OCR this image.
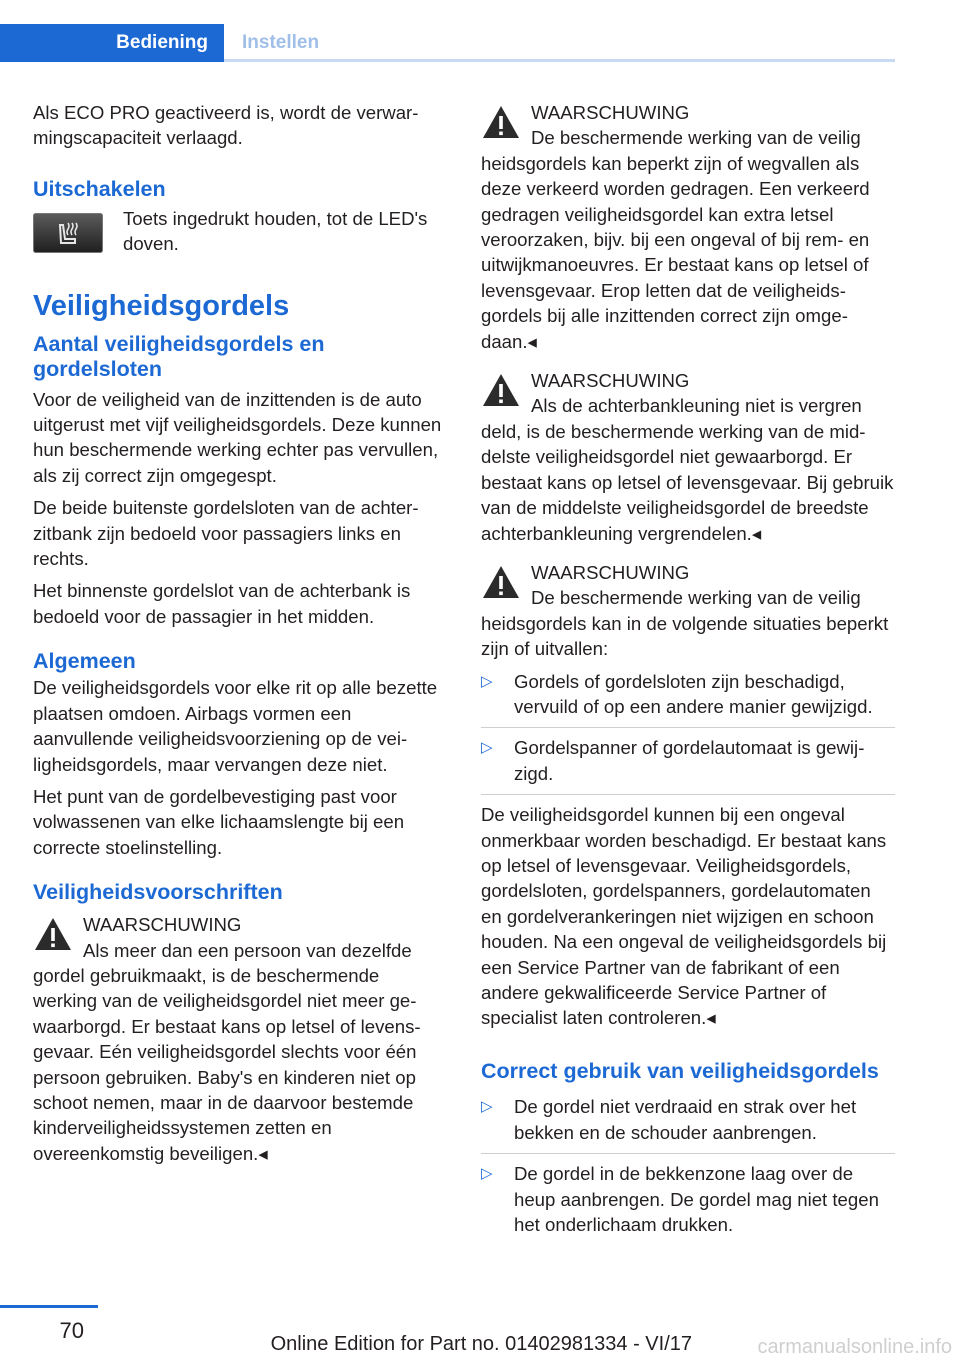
Bediening	Instellen

Als ECO PRO geactiveerd is, wordt de verwarmingscapaciteit verlaagd.

Uitschakelen

Toets ingedrukt houden, tot de LED's doven.

Veiligheidsgordels
Aantal veiligheidsgordels en gordelsloten

Voor de veiligheid van de inzittenden is de auto uitgerust met vijf veiligheidsgordels. Deze kunnen hun beschermende werking echter pas vervullen, als zij correct zijn omgegespt.

De beide buitenste gordelsloten van de achterzitbank zijn bedoeld voor passagiers links en rechts.

Het binnenste gordelslot van de achterbank is bedoeld voor de passagier in het midden.

Algemeen

De veiligheidsgordels voor elke rit op alle bezette plaatsen omdoen. Airbags vormen een aanvullende veiligheidsvoorziening op de veiligheidsgordels, maar vervangen deze niet.

Het punt van de gordelbevestiging past voor volwassenen van elke lichaamslengte bij een correcte stoelinstelling.

Veiligheidsvoorschriften
WAARSCHUWING
Als meer dan een persoon van dezelfde
gordel gebruikmaakt, is de beschermende werking van de veiligheidsgordel niet meer gewaarborgd. Er bestaat kans op letsel of levensgevaar. Eén veiligheidsgordel slechts voor één persoon gebruiken. Baby's en kinderen niet op schoot nemen, maar in de daarvoor bestemde kinderveiligheidssystemen zetten en overeenkomstig beveiligen.◂
WAARSCHUWING
De beschermende werking van de veilig
heidsgordels kan beperkt zijn of wegvallen als deze verkeerd worden gedragen. Een verkeerd gedragen veiligheidsgordel kan extra letsel veroorzaken, bijv. bij een ongeval of bij rem- en uitwijkmanoeuvres. Er bestaat kans op letsel of levensgevaar. Erop letten dat de veiligheidsgordels bij alle inzittenden correct zijn omgedaan.◂
WAARSCHUWING
Als de achterbankleuning niet is vergren
deld, is de beschermende werking van de middelste veiligheidsgordel niet gewaarborgd. Er bestaat kans op letsel of levensgevaar. Bij gebruik van de middelste veiligheidsgordel de breedste achterbankleuning vergrendelen.◂
WAARSCHUWING
De beschermende werking van de veilig
heidsgordels kan in de volgende situaties beperkt zijn of uitvallen:
▷ Gordels of gordelsloten zijn beschadigd, vervuild of op een andere manier gewijzigd.
▷ Gordelspanner of gordelautomaat is gewijzigd.
De veiligheidsgordel kunnen bij een ongeval onmerkbaar worden beschadigd. Er bestaat kans op letsel of levensgevaar. Veiligheidsgordels, gordelsloten, gordelspanners, gordelautomaten en gordelverankeringen niet wijzigen en schoon houden. Na een ongeval de veiligheidsgordels bij een Service Partner van de fabrikant of een andere gekwalificeerde Service Partner of specialist laten controleren.◂
Correct gebruik van veiligheidsgordels
▷ De gordel niet verdraaid en strak over het bekken en de schouder aanbrengen.
▷ De gordel in de bekkenzone laag over de heup aanbrengen. De gordel mag niet tegen het onderlichaam drukken.
70
Online Edition for Part no. 01402981334 - VI/17	carmanualsonline.info
